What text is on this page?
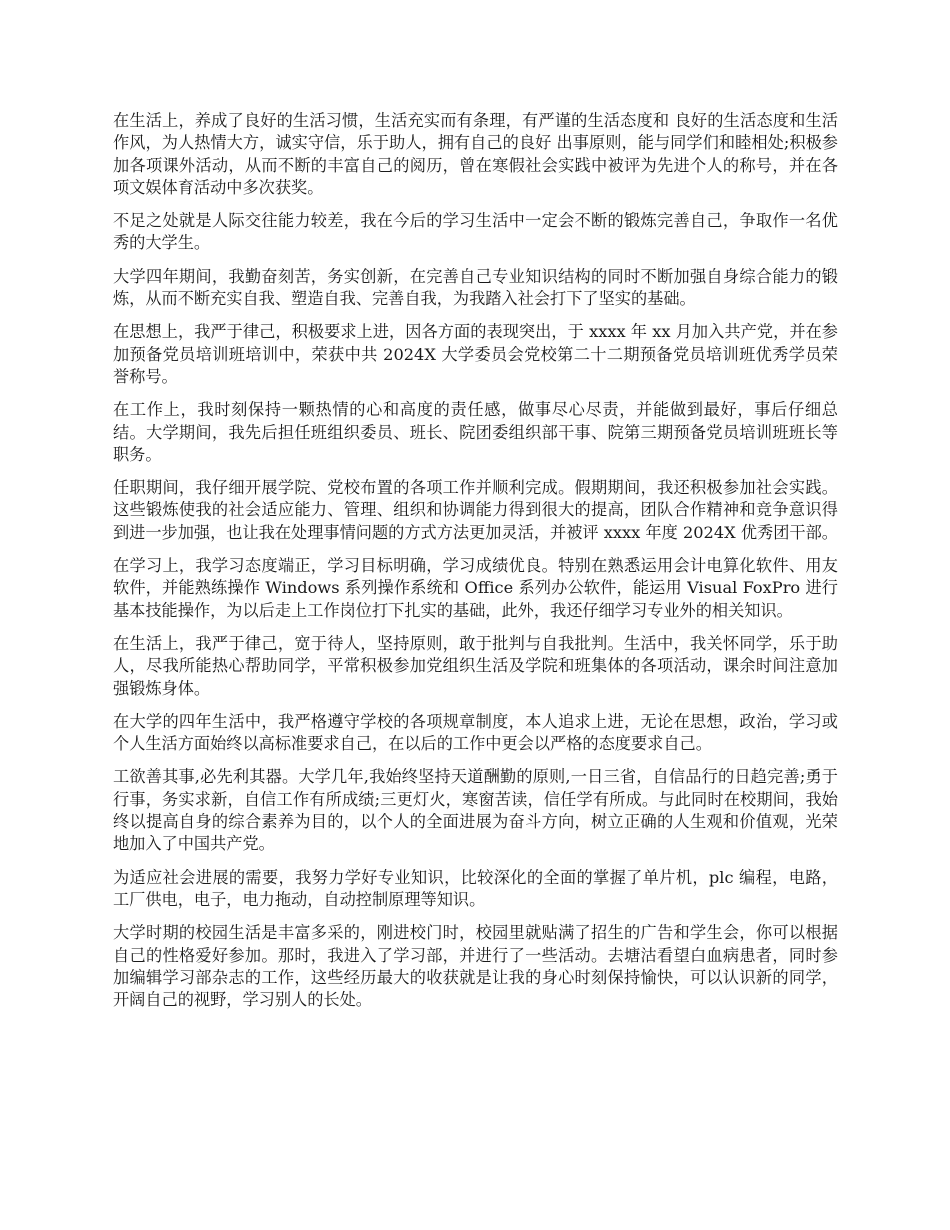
在生活上，养成了良好的生活习惯，生活充实而有条理，有严谨的生活态度和 良好的生活态度和生活作风，为人热情大方，诚实守信，乐于助人，拥有自己的良好 出事原则，能与同学们和睦相处;积极参加各项课外活动，从而不断的丰富自己的阅历，曾在寒假社会实践中被评为先进个人的称号，并在各项文娱体育活动中多次获奖。

不足之处就是人际交往能力较差，我在今后的学习生活中一定会不断的锻炼完善自己，争取作一名优秀的大学生。

大学四年期间，我勤奋刻苦，务实创新，在完善自己专业知识结构的同时不断加强自身综合能力的锻炼，从而不断充实自我、塑造自我、完善自我，为我踏入社会打下了坚实的基础。

在思想上，我严于律己，积极要求上进，因各方面的表现突出，于 xxxx 年 xx 月加入共产党，并在参加预备党员培训班培训中，荣获中共 2024X 大学委员会党校第二十二期预备党员培训班优秀学员荣誉称号。

在工作上，我时刻保持一颗热情的心和高度的责任感，做事尽心尽责，并能做到最好，事后仔细总结。大学期间，我先后担任班组织委员、班长、院团委组织部干事、院第三期预备党员培训班班长等职务。

任职期间，我仔细开展学院、党校布置的各项工作并顺利完成。假期期间，我还积极参加社会实践。这些锻炼使我的社会适应能力、管理、组织和协调能力得到很大的提高，团队合作精神和竞争意识得到进一步加强，也让我在处理事情问题的方式方法更加灵活，并被评 xxxx 年度 2024X 优秀团干部。

在学习上，我学习态度端正，学习目标明确，学习成绩优良。特别在熟悉运用会计电算化软件、用友软件，并能熟练操作 Windows 系列操作系统和 Office 系列办公软件，能运用 Visual FoxPro 进行基本技能操作，为以后走上工作岗位打下扎实的基础，此外，我还仔细学习专业外的相关知识。

在生活上，我严于律己，宽于待人，坚持原则，敢于批判与自我批判。生活中，我关怀同学，乐于助人，尽我所能热心帮助同学，平常积极参加党组织生活及学院和班集体的各项活动，课余时间注意加强锻炼身体。

在大学的四年生活中，我严格遵守学校的各项规章制度，本人追求上进，无论在思想，政治，学习或个人生活方面始终以高标准要求自己，在以后的工作中更会以严格的态度要求自己。

工欲善其事,必先利其器。大学几年,我始终坚持天道酬勤的原则,一日三省，自信品行的日趋完善;勇于行事，务实求新，自信工作有所成绩;三更灯火，寒窗苦读，信任学有所成。与此同时在校期间，我始终以提高自身的综合素养为目的，以个人的全面进展为奋斗方向，树立正确的人生观和价值观，光荣地加入了中国共产党。

为适应社会进展的需要，我努力学好专业知识，比较深化的全面的掌握了单片机，plc 编程，电路，工厂供电，电子，电力拖动，自动控制原理等知识。

大学时期的校园生活是丰富多采的，刚进校门时，校园里就贴满了招生的广告和学生会，你可以根据自己的性格爱好参加。那时，我进入了学习部，并进行了一些活动。去塘沽看望白血病患者，同时参加编辑学习部杂志的工作，这些经历最大的收获就是让我的身心时刻保持愉快，可以认识新的同学，开阔自己的视野，学习别人的长处。
